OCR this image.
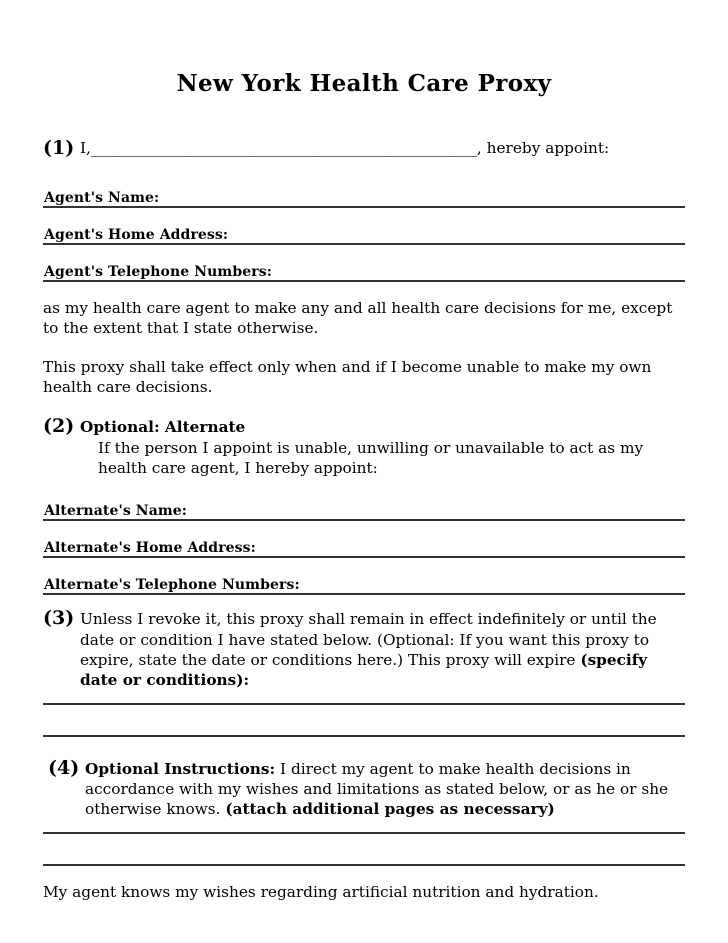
New York Health Care Proxy
(1) I,______________________________________________________, hereby appoint:
Agent's Name:
Agent's Home Address:
Agent's Telephone Numbers:

as my health care agent to make any and all health care decisions for me, except to the extent that I state otherwise.

This proxy shall take effect only when and if I become unable to make my own health care decisions.

(2) Optional: Alternate
If the person I appoint is unable, unwilling or unavailable to act as my health care agent, I hereby appoint:
Alternate's Name:
Alternate's Home Address:
Alternate's Telephone Numbers:
(3) Unless I revoke it, this proxy shall remain in effect indefinitely or until the date or condition I have stated below. (Optional: If you want this proxy to expire, state the date or conditions here.) This proxy will expire (specify date or conditions):
(4) Optional Instructions: I direct my agent to make health decisions in accordance with my wishes and limitations as stated below, or as he or she otherwise knows. (attach additional pages as necessary)

My agent knows my wishes regarding artificial nutrition and hydration.
